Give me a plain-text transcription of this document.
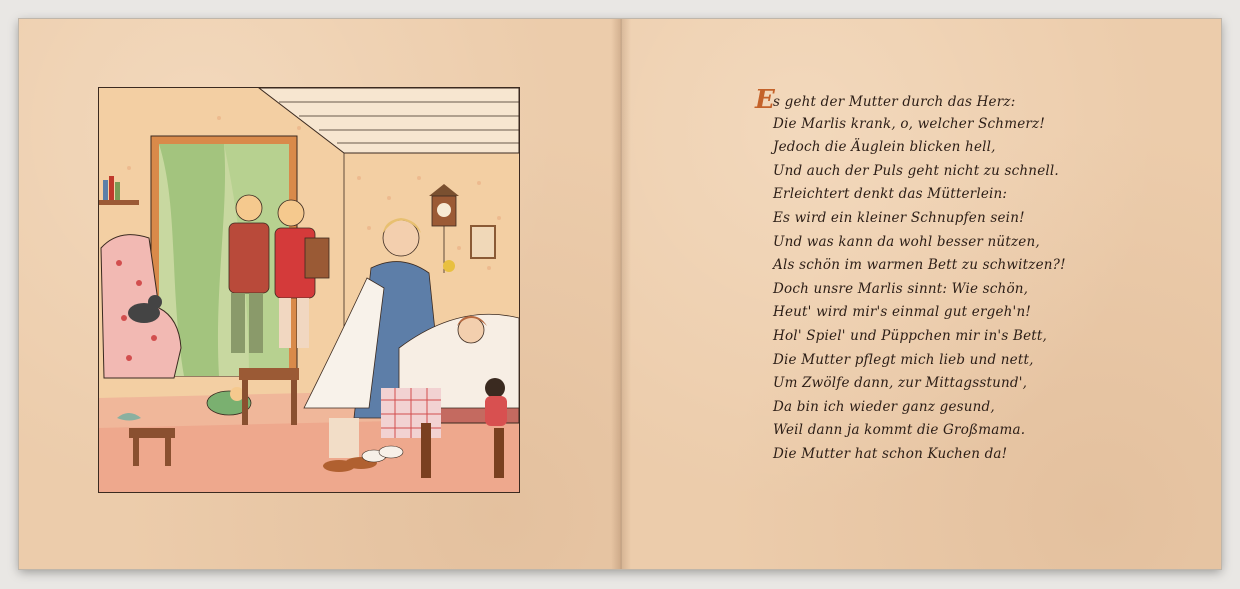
Es geht der Mutter durch das Herz:
Die Marlis krank, o, welcher Schmerz!
Jedoch die Äuglein blicken hell,
Und auch der Puls geht nicht zu schnell.
Erleichtert denkt das Mütterlein:
Es wird ein kleiner Schnupfen sein!
Und was kann da wohl besser nützen,
Als schön im warmen Bett zu schwitzen?!
Doch unsre Marlis sinnt: Wie schön,
Heut' wird mir's einmal gut ergeh'n!
Hol' Spiel' und Püppchen mir in's Bett,
Die Mutter pflegt mich lieb und nett,
Um Zwölfe dann, zur Mittagsstund',
Da bin ich wieder ganz gesund,
Weil dann ja kommt die Großmama.
Die Mutter hat schon Kuchen da!
